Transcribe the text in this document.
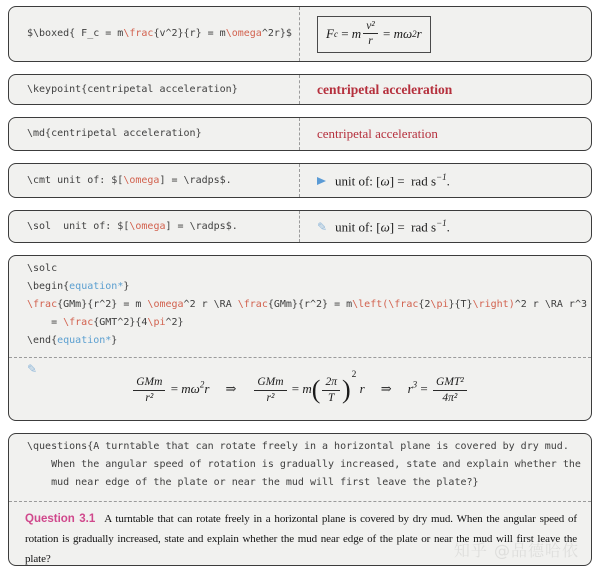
$\boxed{ F_c = m\frac{v^2}{r} = m\omega^2r}$	F c = m $\frac{\text{v²}}{r} = m\omega$ 2 r
\keypoint{centripetal acceleration}	centripetal acceleration
\md{centripetal acceleration}	centripetal acceleration
\cmt unit of: $[\omega] = \radps$.	unit of: [ω] =  rad $s^{-1}$.
\sol  unit of: $[\omega] = \radps$.	✎ unit of: [ω] =  rad $s^{-1}$.
\solc
\begin{equation*}
\frac{GMm}{r^2} = m \omega^2 r \RA \frac{GMm}{r^2} = m\left(\frac{2\pi}{T}\right)^2 r \RA r^3
= \frac{GMT^2}{4\pi^2}
\end{equation*}
✎
$\frac{\text{GMm}}{\text{r²}} = m\omega^2r$ ⇒ $\frac{\text{GMm}}{\text{r²}} = m( \frac{2\pi}{T} )^2$ r ⇒ $r^3 = \frac{\text{GMT²}}{\text{4π²}}$
\questions{A turntable that can rotate freely in a horizontal plane is covered by dry mud.
When the angular speed of rotation is gradually increased, state and explain whether the
mud near edge of the plate or near the mud will first leave the plate?}

Question 3.1 A turntable that can rotate freely in a horizontal plane is covered by dry mud. When the angular speed of rotation is gradually increased, state and explain whether the mud near edge of the plate or near the mud will first leave the plate?	知乎 @品德哈依
